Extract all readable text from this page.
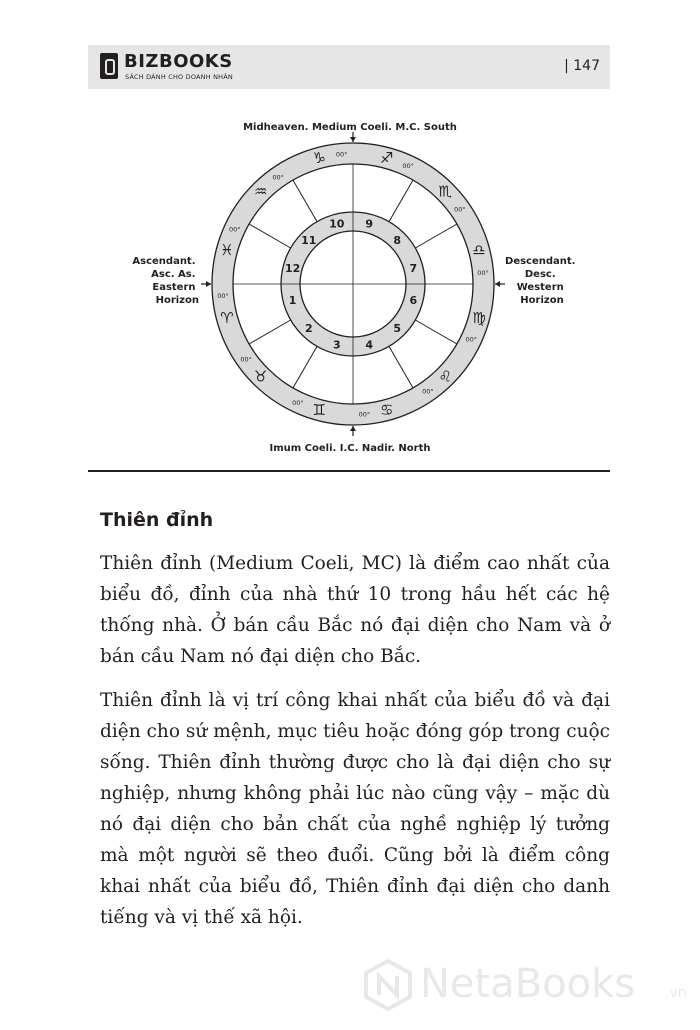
BIZBOOKS
SÁCH DÀNH CHO DOANH NHÂN
| 147
Midheaven. Medium Coeli. M.C. South
Imum Coeli. I.C. Nadir. North
Ascendant. Asc. As. Eastern Horizon
Descendant. Desc. Western Horizon
1
2
3 4
5
6
7
8
9
10
11
12
♈
00°
♉
00°
♊
00°	♋
00°
♌
00°
♍
00°
♎
00°
♏
00°
♐ 00°
♑ 00°
♒
00°
♓
00°
Thiên đỉnh

Thiên đỉnh (Medium Coeli, MC) là điểm cao nhất của biểu đồ, đỉnh của nhà thứ 10 trong hầu hết các hệ thống nhà. Ở bán cầu Bắc nó đại diện cho Nam và ở bán cầu Nam nó đại diện cho Bắc.

Thiên đỉnh là vị trí công khai nhất của biểu đồ và đại diện cho sứ mệnh, mục tiêu hoặc đóng góp trong cuộc sống. Thiên đỉnh thường được cho là đại diện cho sự nghiệp, nhưng không phải lúc nào cũng vậy – mặc dù nó đại diện cho bản chất của nghề nghiệp lý tưởng mà một người sẽ theo đuổi. Cũng bởi là điểm công khai nhất của biểu đồ, Thiên đỉnh đại diện cho danh tiếng và vị thế xã hội.

NetaBooks .vn
